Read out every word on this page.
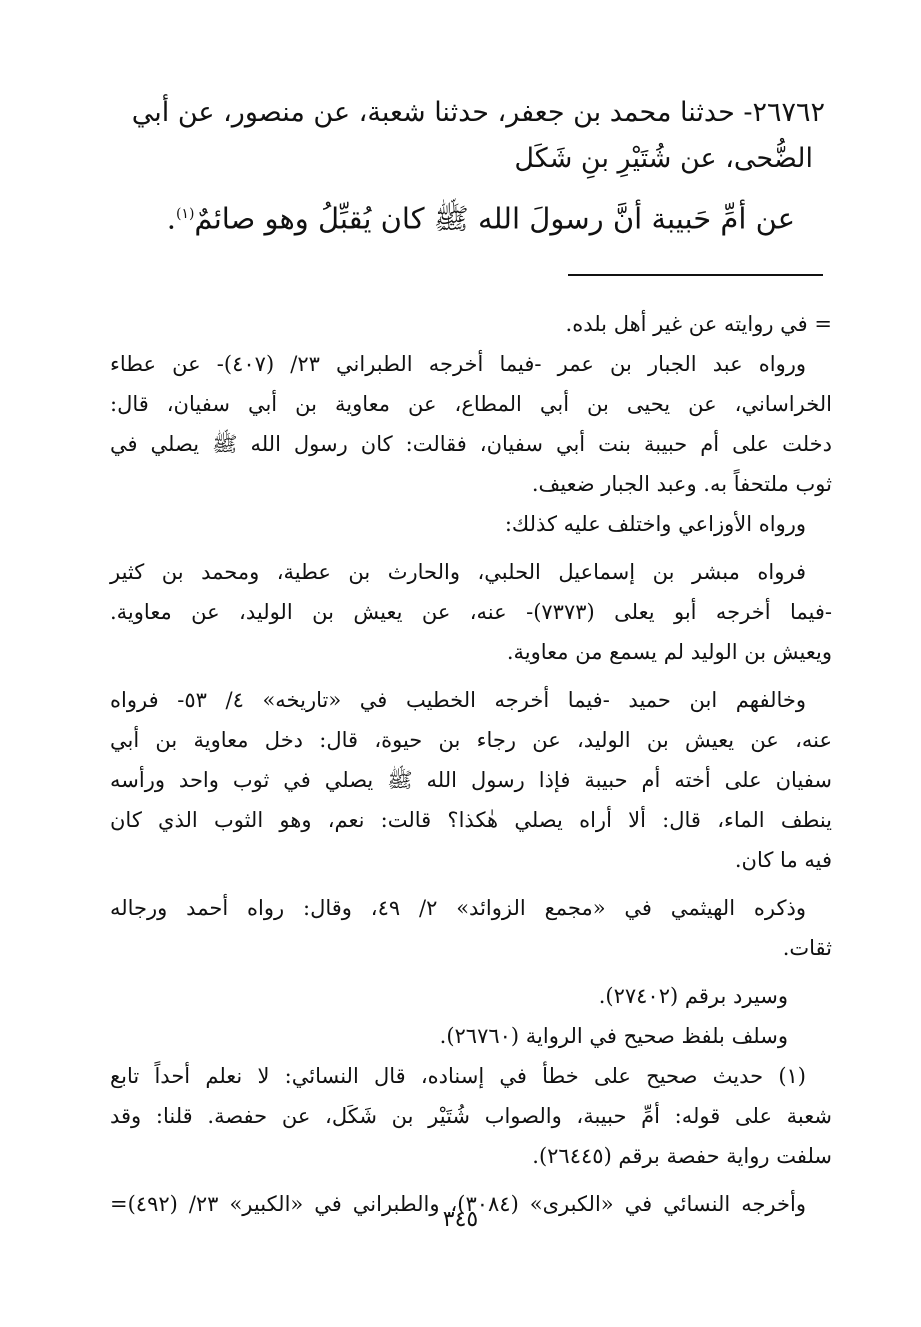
٢٦٧٦٢- حدثنا محمد بن جعفر، حدثنا شعبة، عن منصور، عن أبي

الضُّحى، عن شُتَيْرِ بنِ شَكَل

عن أمِّ حَبيبة أنَّ رسولَ الله ﷺ كان يُقبِّلُ وهو صائمٌ$^{(١)}$.

= في روايته عن غير أهل بلده.

ورواه عبد الجبار بن عمر -فيما أخرجه الطبراني ٢٣/ (٤٠٧)- عن عطاء

الخراساني، عن يحيى بن أبي المطاع، عن معاوية بن أبي سفيان، قال:

دخلت على أم حبيبة بنت أبي سفيان، فقالت: كان رسول الله ﷺ يصلي في

ثوب ملتحفاً به. وعبد الجبار ضعيف.

ورواه الأوزاعي واختلف عليه كذلك:

فرواه مبشر بن إسماعيل الحلبي، والحارث بن عطية، ومحمد بن كثير

-فيما أخرجه أبو يعلى (٧٣٧٣)- عنه، عن يعيش بن الوليد، عن معاوية.

ويعيش بن الوليد لم يسمع من معاوية.

وخالفهم ابن حميد -فيما أخرجه الخطيب في «تاريخه» ٤/ ٥٣- فرواه

عنه، عن يعيش بن الوليد، عن رجاء بن حيوة، قال: دخل معاوية بن أبي

سفيان على أخته أم حبيبة فإذا رسول الله ﷺ يصلي في ثوب واحد ورأسه

ينطف الماء، قال: ألا أراه يصلي هٰكذا؟ قالت: نعم، وهو الثوب الذي كان

فيه ما كان.

وذكره الهيثمي في «مجمع الزوائد» ٢/ ٤٩، وقال: رواه أحمد ورجاله

ثقات.

وسيرد برقم (٢٧٤٠٢).

وسلف بلفظ صحيح في الرواية (٢٦٧٦٠).

(١) حديث صحيح على خطأ في إسناده، قال النسائي: لا نعلم أحداً تابع

شعبة على قوله: أمِّ حبيبة، والصواب شُتَيْر بن شَكَل، عن حفصة. قلنا: وقد

سلفت رواية حفصة برقم (٢٦٤٤٥).

وأخرجه النسائي في «الكبرى» (٣٠٨٤)، والطبراني في «الكبير» ٢٣/ (٤٩٢)=

٣٤٥
